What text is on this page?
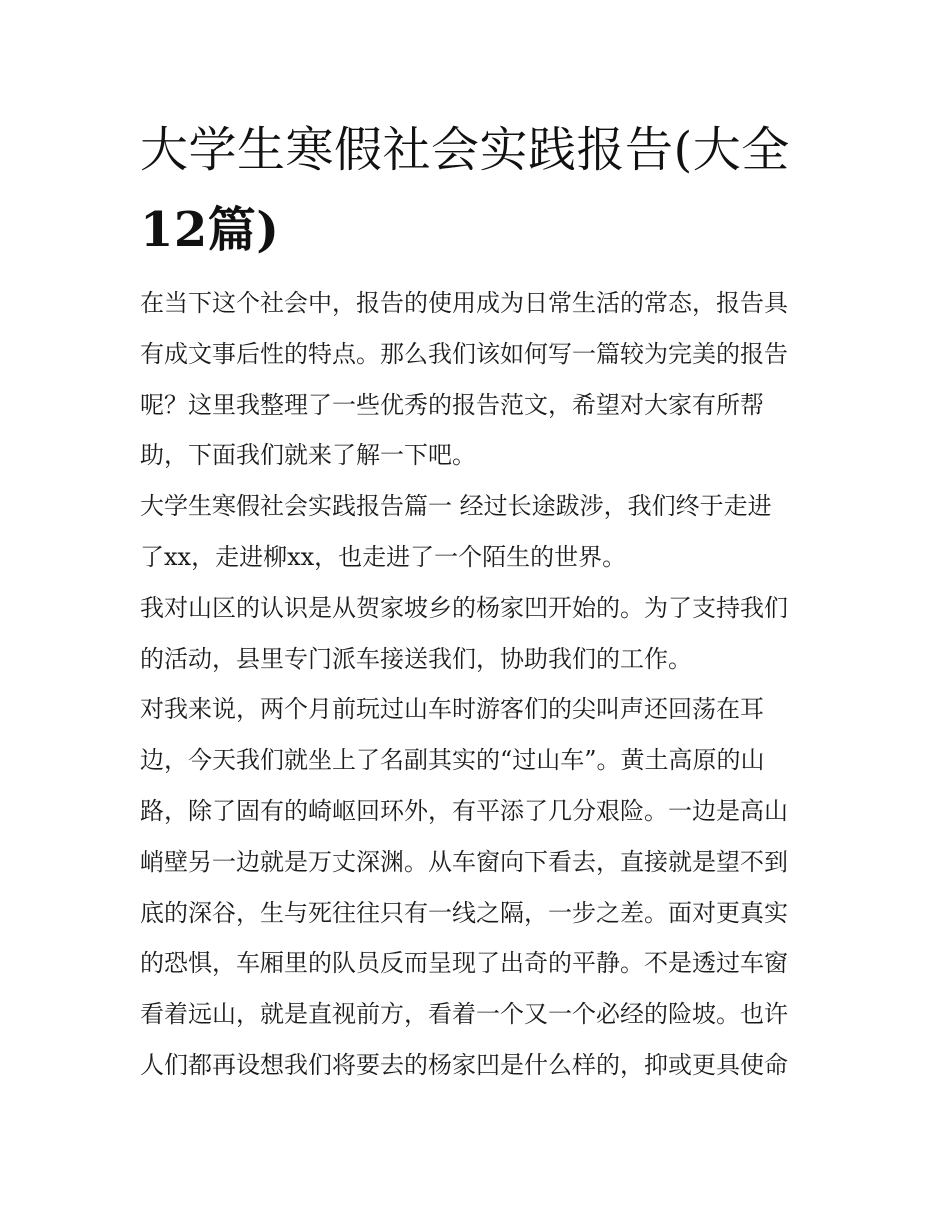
大学生寒假社会实践报告(大全
12篇)

在当下这个社会中，报告的使用成为日常生活的常态，报告具
有成文事后性的特点。那么我们该如何写一篇较为完美的报告
呢？这里我整理了一些优秀的报告范文，希望对大家有所帮
助，下面我们就来了解一下吧。

大学生寒假社会实践报告篇一 经过长途跋涉，我们终于走进
了xx，走进柳xx，也走进了一个陌生的世界。

我对山区的认识是从贺家坡乡的杨家凹开始的。为了支持我们
的活动，县里专门派车接送我们，协助我们的工作。

对我来说，两个月前玩过山车时游客们的尖叫声还回荡在耳
边，今天我们就坐上了名副其实的“过山车”。黄土高原的山
路，除了固有的崎岖回环外，有平添了几分艰险。一边是高山
峭壁另一边就是万丈深渊。从车窗向下看去，直接就是望不到
底的深谷，生与死往往只有一线之隔，一步之差。面对更真实
的恐惧，车厢里的队员反而呈现了出奇的平静。不是透过车窗
看着远山，就是直视前方，看着一个又一个必经的险坡。也许
人们都再设想我们将要去的杨家凹是什么样的，抑或更具使命
